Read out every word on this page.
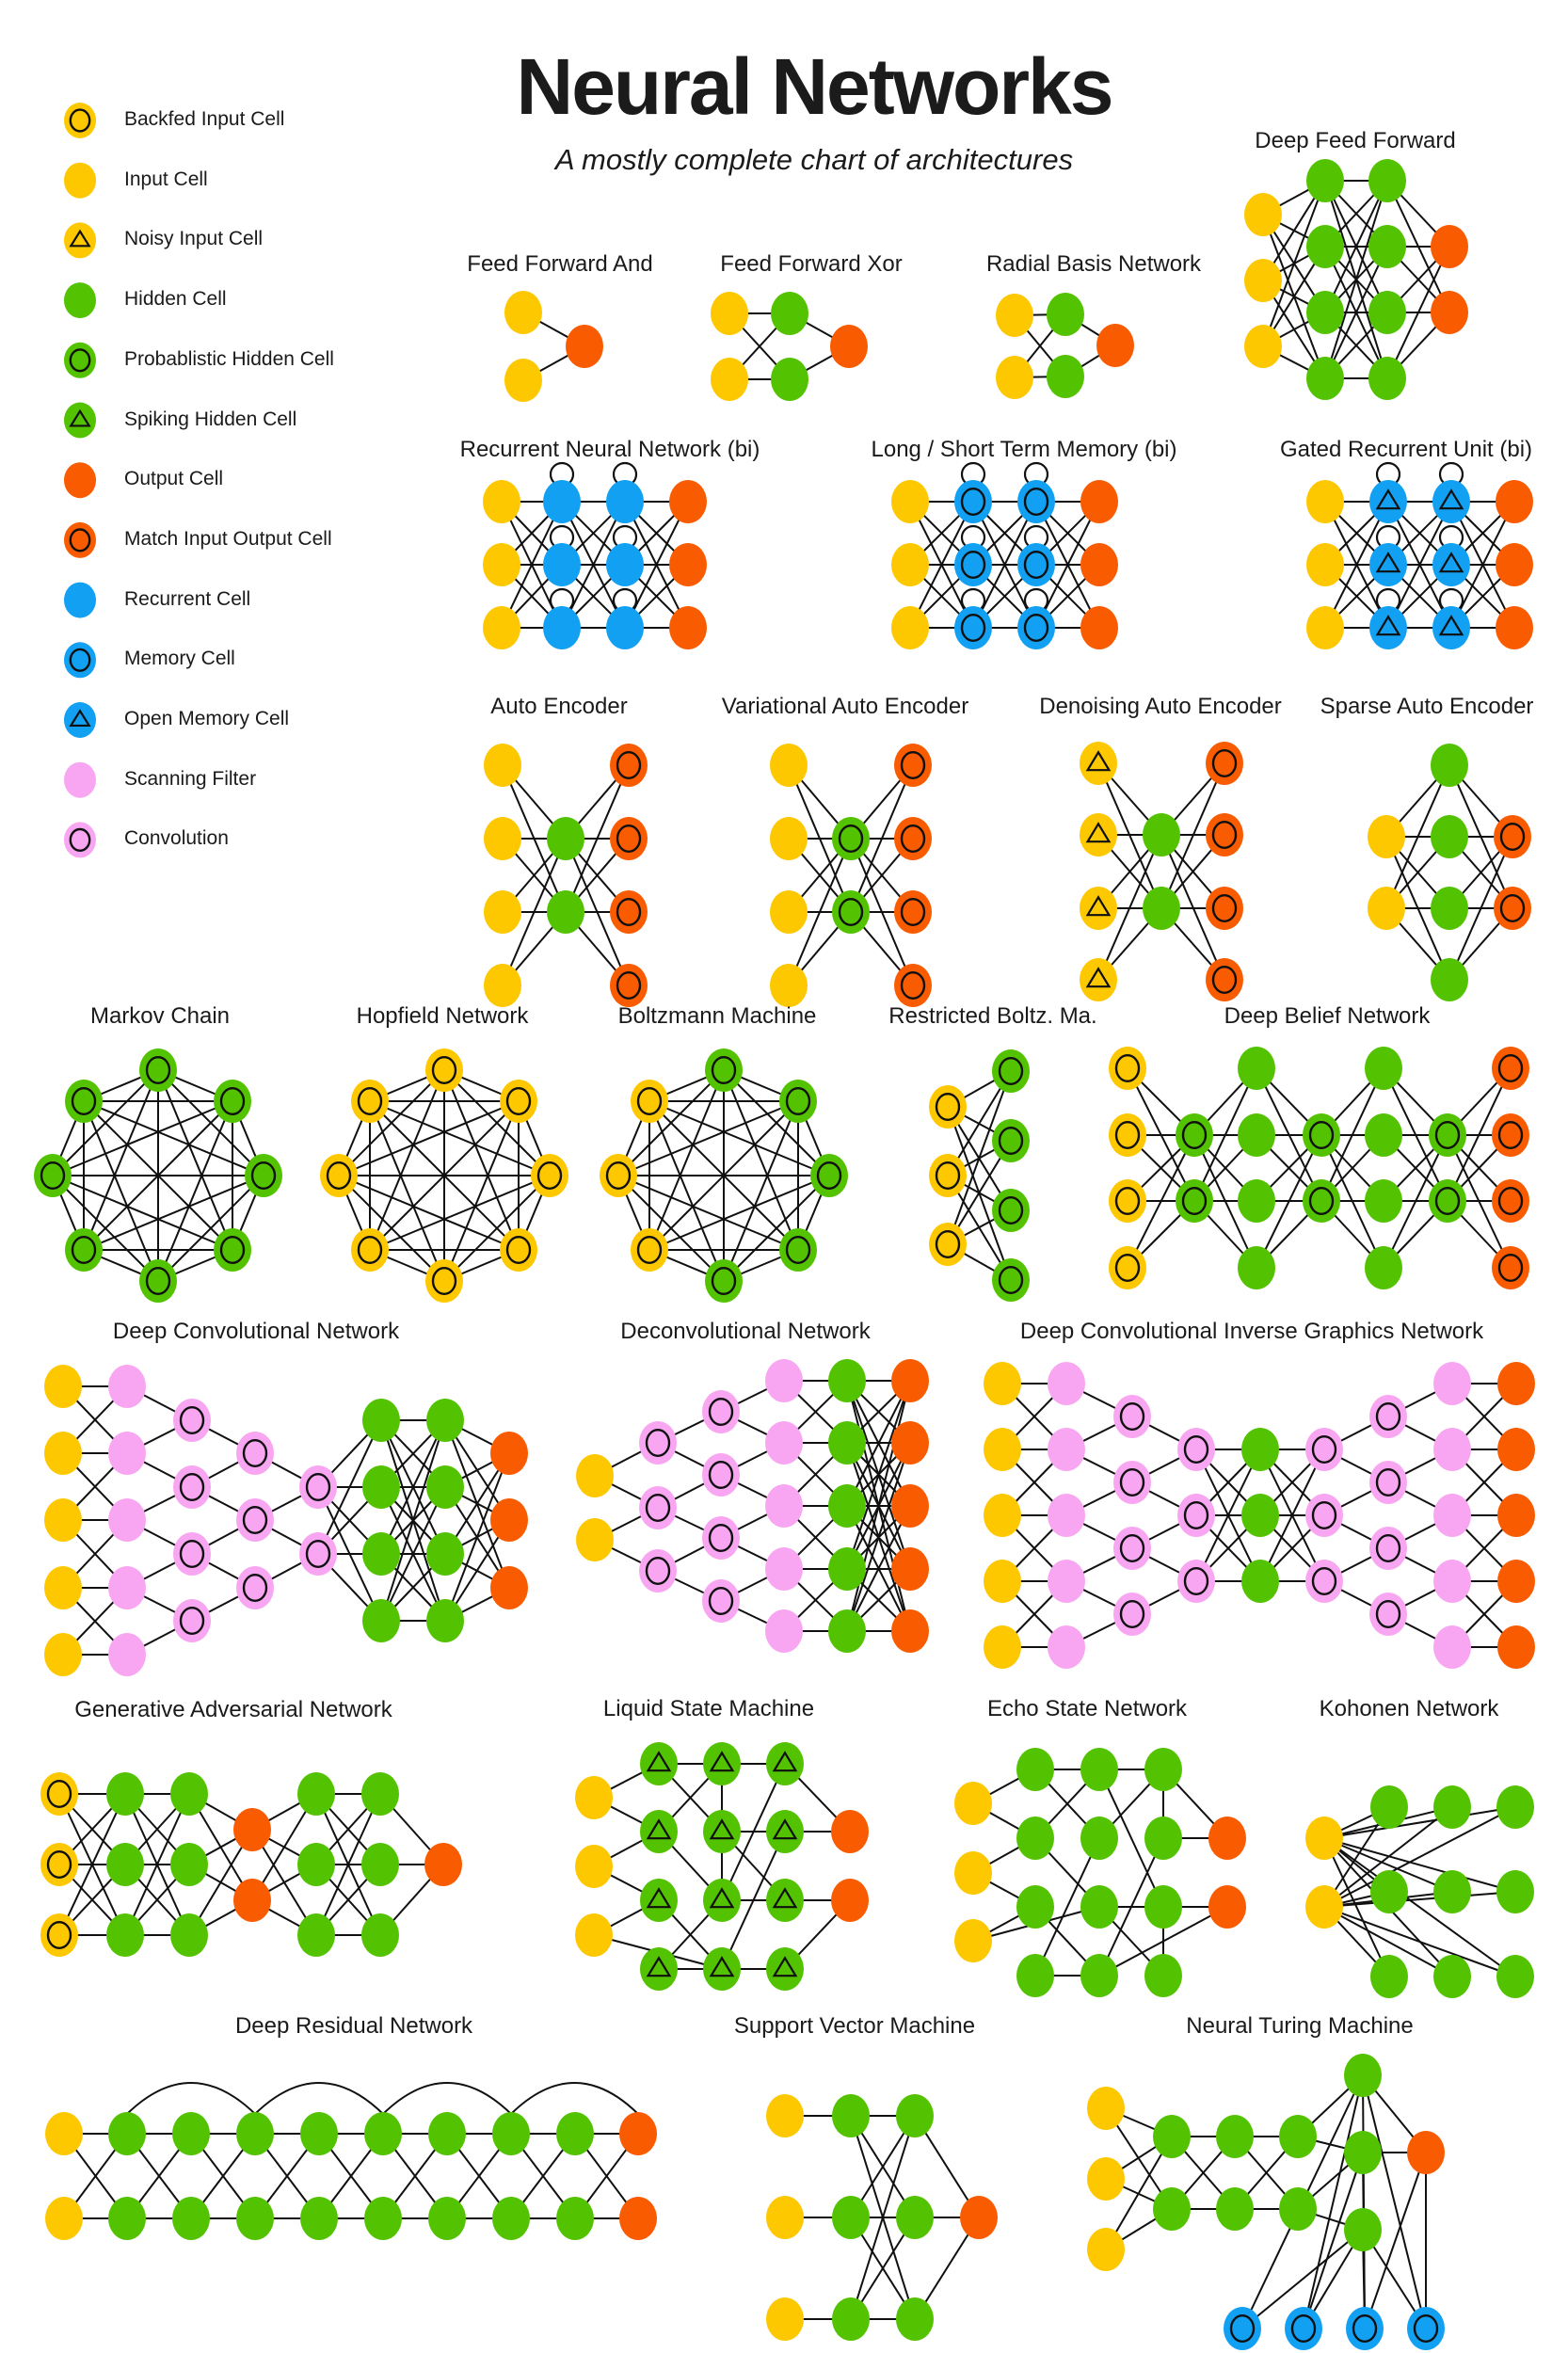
Neural Networks
A mostly complete chart of architectures
Feed Forward And	Feed Forward Xor	Radial Basis Network
Deep Feed Forward
Recurrent Neural Network (bi)	Long / Short Term Memory (bi)	Gated Recurrent Unit (bi)
Auto Encoder	Variational Auto Encoder	Denoising Auto Encoder Sparse Auto Encoder
Markov Chain	Hopfield Network	Boltzmann Machine	Restricted Boltz. Ma.	Deep Belief Network
Deep Convolutional Network	Deconvolutional Network	Deep Convolutional Inverse Graphics Network
Generative Adversarial Network	Liquid State Machine	Echo State Network	Kohonen Network
Deep Residual Network	Support Vector Machine	Neural Turing Machine
Backfed Input Cell
Input Cell
Noisy Input Cell
Hidden Cell
Probablistic Hidden Cell
Spiking Hidden Cell
Output Cell
Match Input Output Cell
Recurrent Cell
Memory Cell
Open Memory Cell
Scanning Filter
Convolution
